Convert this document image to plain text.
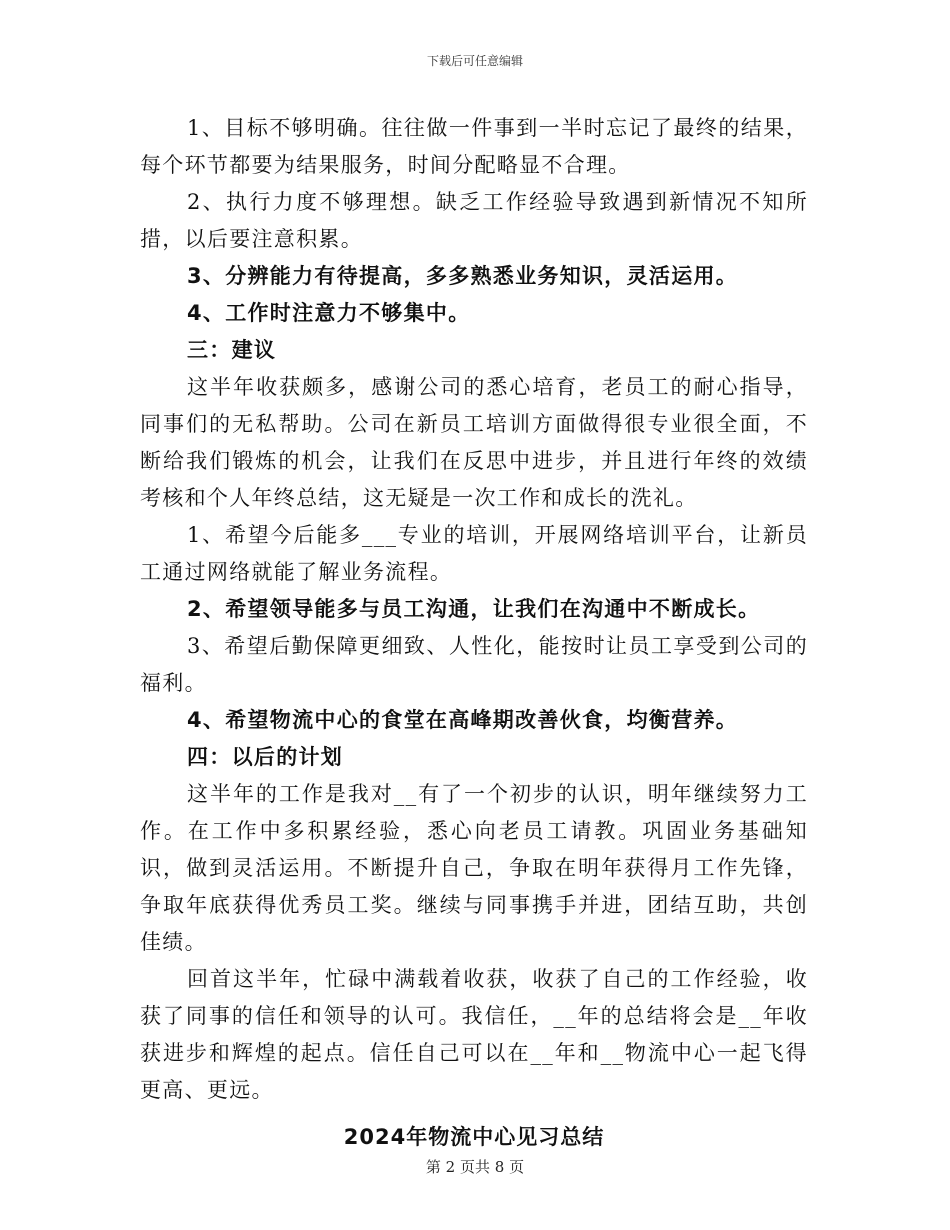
下载后可任意编辑

1、目标不够明确。往往做一件事到一半时忘记了最终的结果，每个环节都要为结果服务，时间分配略显不合理。

2、执行力度不够理想。缺乏工作经验导致遇到新情况不知所措，以后要注意积累。

3、分辨能力有待提高，多多熟悉业务知识，灵活运用。

4、工作时注意力不够集中。

三：建议

这半年收获颇多，感谢公司的悉心培育，老员工的耐心指导，同事们的无私帮助。公司在新员工培训方面做得很专业很全面，不断给我们锻炼的机会，让我们在反思中进步，并且进行年终的效绩考核和个人年终总结，这无疑是一次工作和成长的洗礼。

1、希望今后能多___专业的培训，开展网络培训平台，让新员工通过网络就能了解业务流程。

2、希望领导能多与员工沟通，让我们在沟通中不断成长。

3、希望后勤保障更细致、人性化，能按时让员工享受到公司的福利。

4、希望物流中心的食堂在高峰期改善伙食，均衡营养。

四：以后的计划

这半年的工作是我对__有了一个初步的认识，明年继续努力工作。在工作中多积累经验，悉心向老员工请教。巩固业务基础知识，做到灵活运用。不断提升自己，争取在明年获得月工作先锋，争取年底获得优秀员工奖。继续与同事携手并进，团结互助，共创佳绩。

回首这半年，忙碌中满载着收获，收获了自己的工作经验，收获了同事的信任和领导的认可。我信任，__年的总结将会是__年收获进步和辉煌的起点。信任自己可以在__年和__物流中心一起飞得更高、更远。

2024年物流中心见习总结

第 2 页共 8 页
